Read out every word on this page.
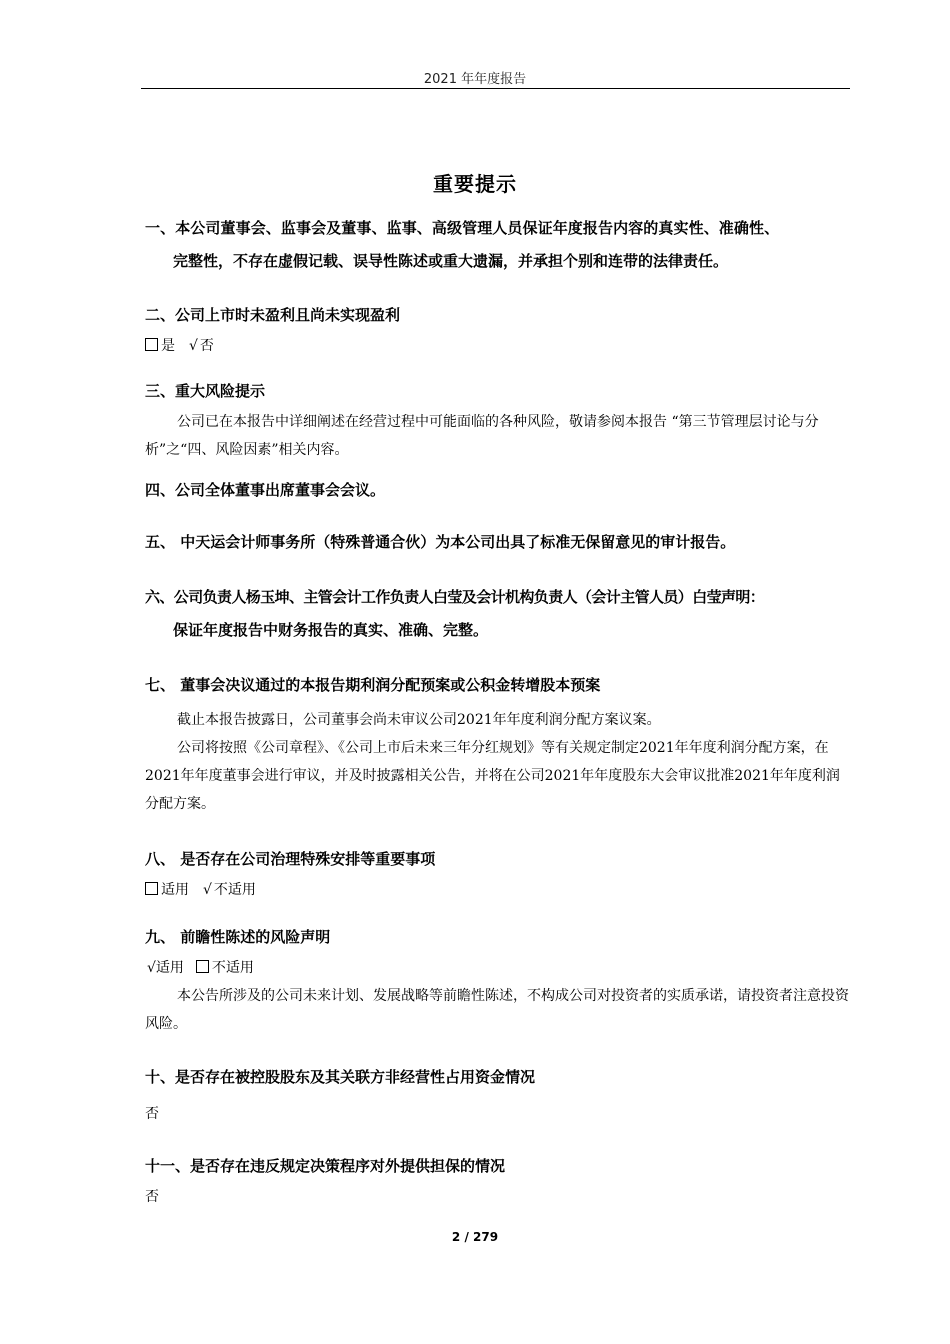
2021 年年度报告
重要提示
一、本公司董事会、监事会及董事、监事、高级管理人员保证年度报告内容的真实性、准确性、
完整性，不存在虚假记载、误导性陈述或重大遗漏，并承担个别和连带的法律责任。
二、公司上市时未盈利且尚未实现盈利
是 √ 否
三、重大风险提示
公司已在本报告中详细阐述在经营过程中可能面临的各种风险，敬请参阅本报告 “第三节管理层讨论与分析”之“四、风险因素”相关内容。
四、公司全体董事出席董事会会议。
五、 中天运会计师事务所（特殊普通合伙）为本公司出具了标准无保留意见的审计报告。
六、公司负责人杨玉坤、主管会计工作负责人白莹及会计机构负责人（会计主管人员）白莹声明：
保证年度报告中财务报告的真实、准确、完整。
七、 董事会决议通过的本报告期利润分配预案或公积金转增股本预案
截止本报告披露日，公司董事会尚未审议公司2021年年度利润分配方案议案。
公司将按照《公司章程》、《公司上市后未来三年分红规划》等有关规定制定2021年年度利润分配方案，在2021年年度董事会进行审议，并及时披露相关公告，并将在公司2021年年度股东大会审议批准2021年年度利润分配方案。
八、 是否存在公司治理特殊安排等重要事项
适用 √ 不适用
九、 前瞻性陈述的风险声明
√适用 不适用
本公告所涉及的公司未来计划、发展战略等前瞻性陈述，不构成公司对投资者的实质承诺，请投资者注意投资风险。
十、是否存在被控股股东及其关联方非经营性占用资金情况
否
十一、是否存在违反规定决策程序对外提供担保的情况
否
2 / 279
